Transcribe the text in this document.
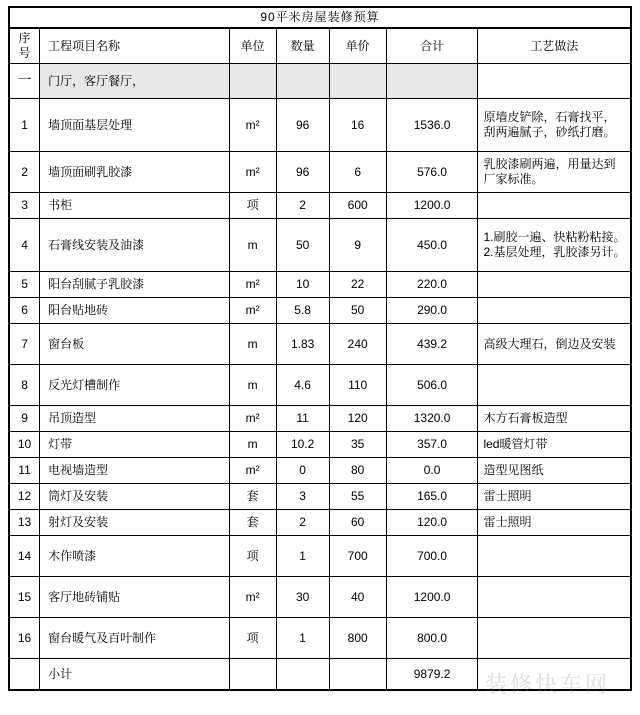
90平米房屋装修预算						
序
号	工程项目名称	单位	数量	单价	合计	工艺做法
一	门厅，客厅餐厅，					
1	墙顶面基层处理	m²	96	16	1536.0	原墙皮铲除，石膏找平，刮两遍腻子，砂纸打磨。
2	墙顶面刷乳胶漆	m²	96	6	576.0	乳胶漆刷两遍，用量达到厂家标准。
3	书柜	项	2	600	1200.0	
4	石膏线安装及油漆	m	50	9	450.0	1.刷胶一遍、快粘粉粘接。2.基层处理，乳胶漆另计。
5	阳台刮腻子乳胶漆	m²	10	22	220.0	
6	阳台贴地砖	m²	5.8	50	290.0	
7	窗台板	m	1.83	240	439.2	高级大理石，倒边及安装
8	反光灯槽制作	m	4.6	110	506.0	
9	吊顶造型	m²	11	120	1320.0	木方石膏板造型
10	灯带	m	10.2	35	357.0	led暖管灯带
11	电视墙造型	m²	0	80	0.0	造型见图纸
12	筒灯及安装	套	3	55	165.0	雷士照明
13	射灯及安装	套	2	60	120.0	雷士照明
14	木作喷漆	项	1	700	700.0	
15	客厅地砖铺贴	m²	30	40	1200.0	
16	窗台暖气及百叶制作	项	1	800	800.0	
	小计				9879.2	装修快车网
